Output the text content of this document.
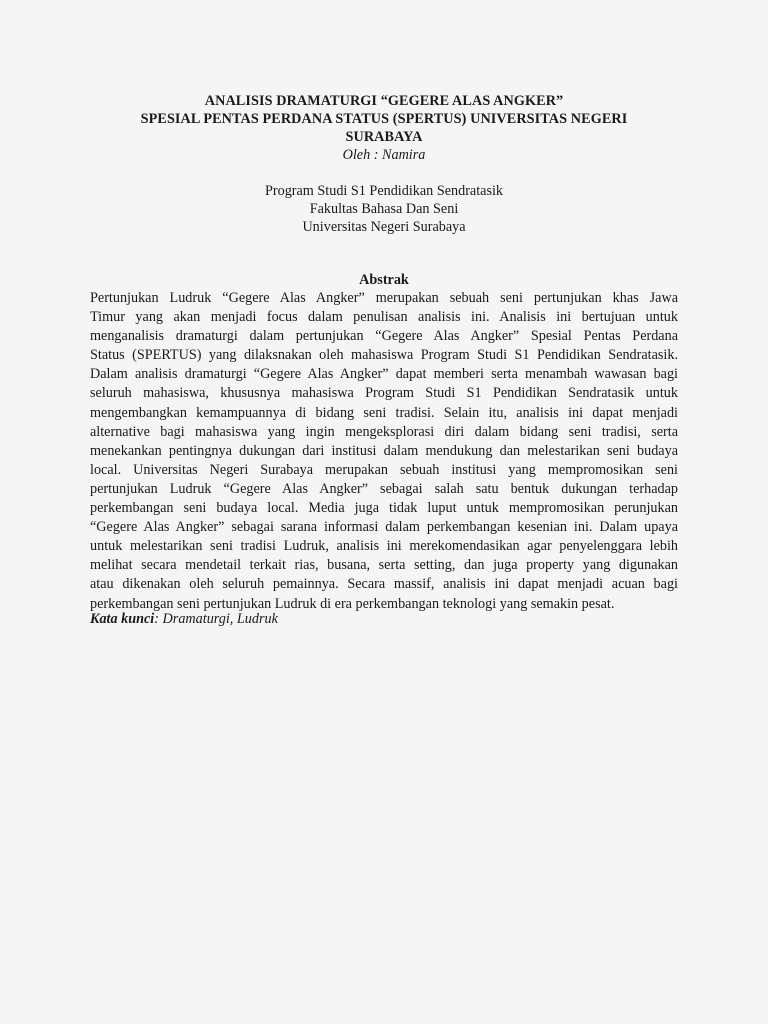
ANALISIS DRAMATURGI “GEGERE ALAS ANGKER”
SPESIAL PENTAS PERDANA STATUS (SPERTUS) UNIVERSITAS NEGERI
SURABAYA
Oleh : Namira
Program Studi S1 Pendidikan Sendratasik
Fakultas Bahasa Dan Seni
Universitas Negeri Surabaya
Abstrak
Pertunjukan Ludruk “Gegere Alas Angker” merupakan sebuah seni pertunjukan khas Jawa
Timur yang akan menjadi focus dalam penulisan analisis ini. Analisis ini bertujuan untuk
menganalisis dramaturgi dalam pertunjukan “Gegere Alas Angker” Spesial Pentas Perdana
Status (SPERTUS) yang dilaksnakan oleh mahasiswa Program Studi S1 Pendidikan Sendratasik.
Dalam analisis dramaturgi “Gegere Alas Angker” dapat memberi serta menambah wawasan bagi
seluruh mahasiswa, khususnya mahasiswa Program Studi S1 Pendidikan Sendratasik untuk
mengembangkan kemampuannya di bidang seni tradisi. Selain itu, analisis ini dapat menjadi
alternative bagi mahasiswa yang ingin mengeksplorasi diri dalam bidang seni tradisi, serta
menekankan pentingnya dukungan dari institusi dalam mendukung dan melestarikan seni budaya
local. Universitas Negeri Surabaya merupakan sebuah institusi yang mempromosikan seni
pertunjukan Ludruk “Gegere Alas Angker” sebagai salah satu bentuk dukungan terhadap
perkembangan seni budaya local. Media juga tidak luput untuk mempromosikan perunjukan
“Gegere Alas Angker” sebagai sarana informasi dalam perkembangan kesenian ini. Dalam upaya
untuk melestarikan seni tradisi Ludruk, analisis ini merekomendasikan agar penyelenggara lebih
melihat secara mendetail terkait rias, busana, serta setting, dan juga property yang digunakan
atau dikenakan oleh seluruh pemainnya. Secara massif, analisis ini dapat menjadi acuan bagi
perkembangan seni pertunjukan Ludruk di era perkembangan teknologi yang semakin pesat.
Kata kunci: Dramaturgi, Ludruk
